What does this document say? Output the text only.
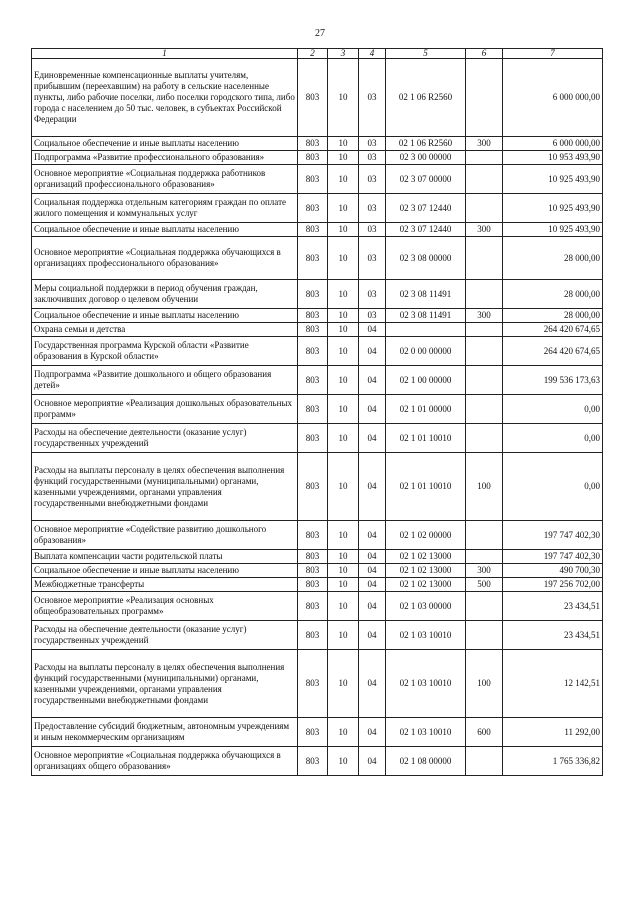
27
1	2	3	4	5	6	7
Единовременные компенсационные выплаты учителям, прибывшим (переехавшим) на работу в сельские населенные пункты, либо рабочие поселки, либо поселки городского типа, либо города с населением до 50 тыс. человек, в субъектах Российской Федерации	803	10	03	02 1 06 R2560		6 000 000,00
Социальное обеспечение и иные выплаты населению	803	10	03	02 1 06 R2560	300	6 000 000,00
Подпрограмма «Развитие профессионального образования»	803	10	03	02 3 00 00000		10 953 493,90
Основное мероприятие «Социальная поддержка работников организаций профессионального образования»	803	10	03	02 3 07 00000		10 925 493,90
Социальная поддержка отдельным категориям граждан по оплате жилого помещения и коммунальных услуг	803	10	03	02 3 07 12440		10 925 493,90
Социальное обеспечение и иные выплаты населению	803	10	03	02 3 07 12440	300	10 925 493,90
Основное мероприятие «Социальная поддержка обучающихся в организациях профессионального образования»	803	10	03	02 3 08 00000		28 000,00
Меры социальной поддержки в период обучения граждан, заключивших договор о целевом обучении	803	10	03	02 3 08 11491		28 000,00
Социальное обеспечение и иные выплаты населению	803	10	03	02 3 08 11491	300	28 000,00
Охрана семьи и детства	803	10	04			264 420 674,65
Государственная программа Курской области «Развитие образования в Курской области»	803	10	04	02 0 00 00000		264 420 674,65
Подпрограмма «Развитие дошкольного и общего образования детей»	803	10	04	02 1 00 00000		199 536 173,63
Основное мероприятие «Реализация дошкольных образовательных программ»	803	10	04	02 1 01 00000		0,00
Расходы на обеспечение деятельности (оказание услуг) государственных учреждений	803	10	04	02 1 01 10010		0,00
Расходы на выплаты персоналу в целях обеспечения выполнения функций государственными (муниципальными) органами, казенными учреждениями, органами управления государственными внебюджетными фондами	803	10	04	02 1 01 10010	100	0,00
Основное мероприятие «Содействие развитию дошкольного образования»	803	10	04	02 1 02 00000		197 747 402,30
Выплата компенсации части родительской платы	803	10	04	02 1 02 13000		197 747 402,30
Социальное обеспечение и иные выплаты населению	803	10	04	02 1 02 13000	300	490 700,30
Межбюджетные трансферты	803	10	04	02 1 02 13000	500	197 256 702,00
Основное мероприятие «Реализация основных общеобразовательных программ»	803	10	04	02 1 03 00000		23 434,51
Расходы на обеспечение деятельности (оказание услуг) государственных учреждений	803	10	04	02 1 03 10010		23 434,51
Расходы на выплаты персоналу в целях обеспечения выполнения функций государственными (муниципальными) органами, казенными учреждениями, органами управления государственными внебюджетными фондами	803	10	04	02 1 03 10010	100	12 142,51
Предоставление субсидий бюджетным, автономным учреждениям и иным некоммерческим организациям	803	10	04	02 1 03 10010	600	11 292,00
Основное мероприятие «Социальная поддержка обучающихся в организациях общего образования»	803	10	04	02 1 08 00000		1 765 336,82
